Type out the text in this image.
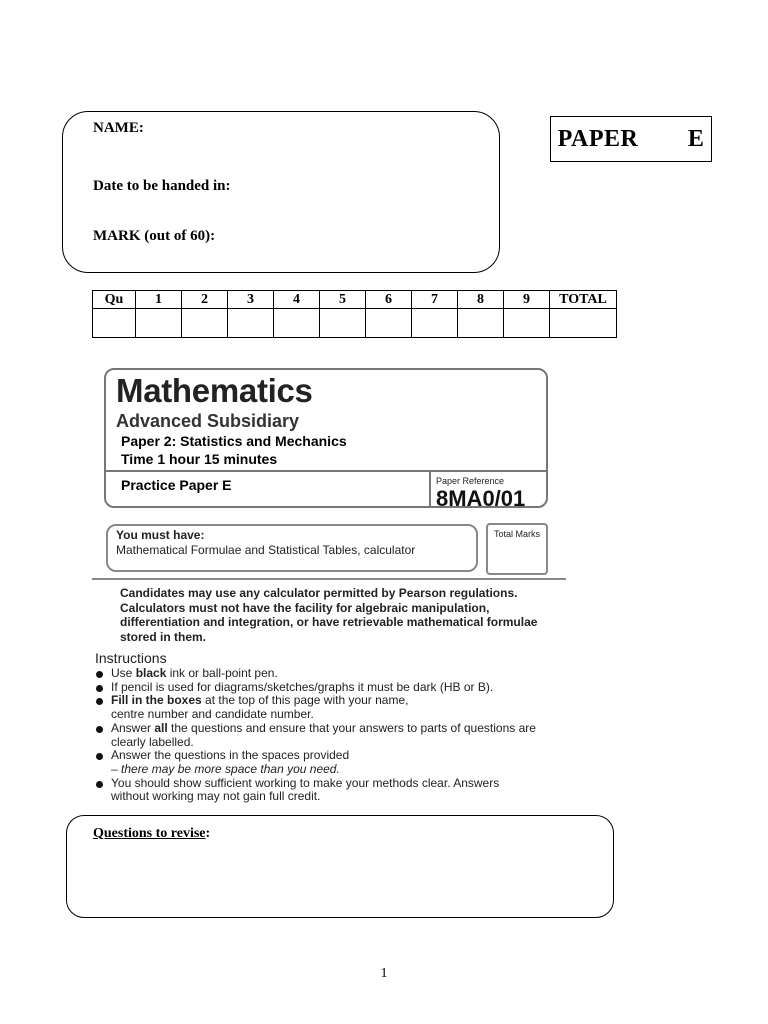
NAME:
Date to be handed in:
MARK (out of 60):
PAPER   E
Qu	1	2	3	4	5	6	7	8	9	TOTAL

Mathematics
Advanced Subsidiary
Paper 2: Statistics and Mechanics
Time 1 hour 15 minutes
Practice Paper E	Paper Reference
8MA0/01
You must have:
Mathematical Formulae and Statistical Tables, calculator
Total Marks
Candidates may use any calculator permitted by Pearson regulations. Calculators must not have the facility for algebraic manipulation, differentiation and integration, or have retrievable mathematical formulae stored in them.
Instructions
Use black ink or ball-point pen.
If pencil is used for diagrams/sketches/graphs it must be dark (HB or B).
Fill in the boxes at the top of this page with your name,
centre number and candidate number.
Answer all the questions and ensure that your answers to parts of questions are
clearly labelled.
Answer the questions in the spaces provided
– there may be more space than you need.
You should show sufficient working to make your methods clear. Answers
without working may not gain full credit.
Questions to revise:
1
